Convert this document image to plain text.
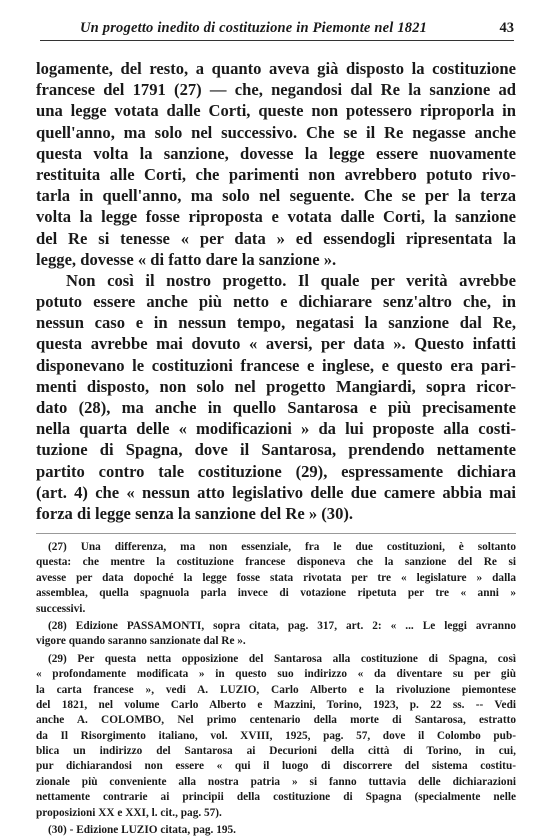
Un progetto inedito di costituzione in Piemonte nel 1821	43
logamente, del resto, a quanto aveva già disposto la costituzione
francese del 1791 (27) — che, negandosi dal Re la sanzione ad
una legge votata dalle Corti, queste non potessero riproporla in
quell'anno, ma solo nel successivo. Che se il Re negasse anche
questa volta la sanzione, dovesse la legge essere nuovamente
restituita alle Corti, che parimenti non avrebbero potuto rivo-
tarla in quell'anno, ma solo nel seguente. Che se per la terza
volta la legge fosse riproposta e votata dalle Corti, la sanzione
del Re si tenesse « per data » ed essendogli ripresentata la
legge, dovesse « di fatto dare la sanzione ».
Non così il nostro progetto. Il quale per verità avrebbe
potuto essere anche più netto e dichiarare senz'altro che, in
nessun caso e in nessun tempo, negatasi la sanzione dal Re,
questa avrebbe mai dovuto « aversi, per data ». Questo infatti
disponevano le costituzioni francese e inglese, e questo era pari-
menti disposto, non solo nel progetto Mangiardi, sopra ricor-
dato (28), ma anche in quello Santarosa e più precisamente
nella quarta delle « modificazioni » da lui proposte alla costi-
tuzione di Spagna, dove il Santarosa, prendendo nettamente
partito contro tale costituzione (29), espressamente dichiara
(art. 4) che « nessun atto legislativo delle due camere abbia mai
forza di legge senza la sanzione del Re » (30).
(27) Una differenza, ma non essenziale, fra le due costituzioni, è soltanto
questa: che mentre la costituzione francese disponeva che la sanzione del Re si
avesse per data dopoché la legge fosse stata rivotata per tre « legislature » dalla
assemblea, quella spagnuola parla invece di votazione ripetuta per tre « anni »
successivi.
(28) Edizione PASSAMONTI, sopra citata, pag. 317, art. 2: « ... Le leggi avranno
vigore quando saranno sanzionate dal Re ».
(29) Per questa netta opposizione del Santarosa alla costituzione di Spagna, così
« profondamente modificata » in questo suo indirizzo « da diventare su per giù
la carta francese », vedi A. LUZIO, Carlo Alberto e la rivoluzione piemontese
del 1821, nel volume Carlo Alberto e Mazzini, Torino, 1923, p. 22 ss. -- Vedi
anche A. COLOMBO, Nel primo centenario della morte di Santarosa, estratto
da Il Risorgimento italiano, vol. XVIII, 1925, pag. 57, dove il Colombo pub-
blica un indirizzo del Santarosa ai Decurioni della città di Torino, in cui,
pur dichiarandosi non essere « qui il luogo di discorrere del sistema costitu-
zionale più conveniente alla nostra patria » si fanno tuttavia delle dichiarazioni
nettamente contrarie ai principii della costituzione di Spagna (specialmente nelle
proposizioni XX e XXI, l. cit., pag. 57).
(30) - Edizione LUZIO citata, pag. 195.
